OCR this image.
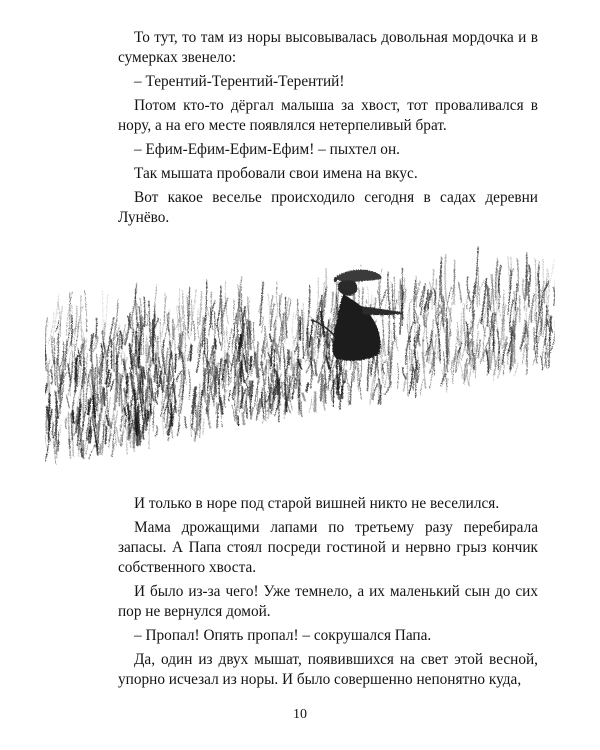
То тут, то там из норы высовывалась довольная мордочка и в сумерках звенело:

– Терентий-Терентий-Терентий!

Потом кто-то дёргал малыша за хвост, тот проваливался в нору, а на его месте появлялся нетерпеливый брат.

– Ефим-Ефим-Ефим-Ефим! – пыхтел он.

Так мышата пробовали свои имена на вкус.

Вот какое веселье происходило сегодня в садах деревни Лунёво.

И только в норе под старой вишней никто не веселился.

Мама дрожащими лапами по третьему разу перебирала запасы. А Папа стоял посреди гостиной и нервно грыз кончик собственного хвоста.

И было из-за чего! Уже темнело, а их маленький сын до сих пор не вернулся домой.

– Пропал! Опять пропал! – сокрушался Папа.

Да, один из двух мышат, появившихся на свет этой весной, упорно исчезал из норы. И было совершенно непонятно куда,

10
